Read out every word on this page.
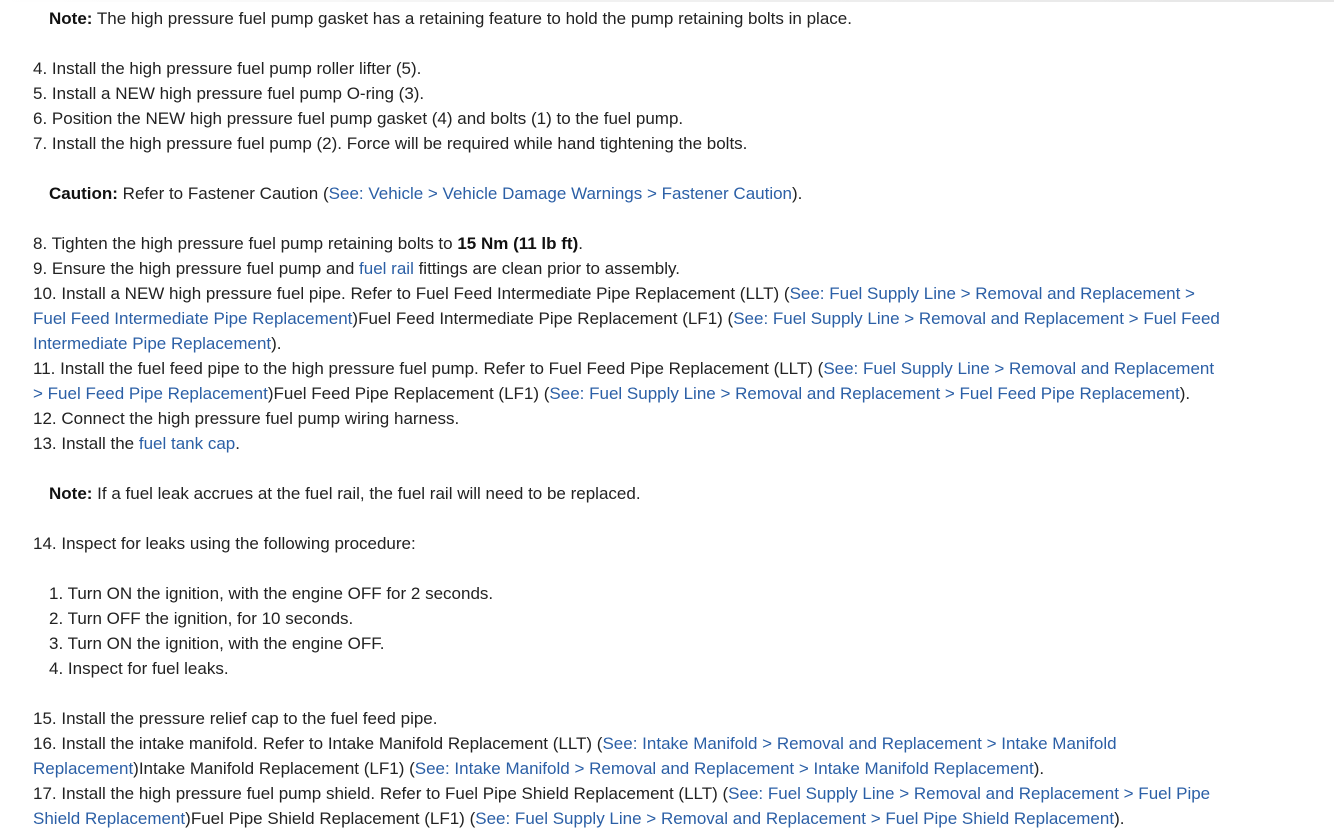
Note: The high pressure fuel pump gasket has a retaining feature to hold the pump retaining bolts in place.
4. Install the high pressure fuel pump roller lifter (5).
5. Install a NEW high pressure fuel pump O-ring (3).
6. Position the NEW high pressure fuel pump gasket (4) and bolts (1) to the fuel pump.
7. Install the high pressure fuel pump (2). Force will be required while hand tightening the bolts.
Caution: Refer to Fastener Caution (See: Vehicle > Vehicle Damage Warnings > Fastener Caution).
8. Tighten the high pressure fuel pump retaining bolts to 15 Nm (11 lb ft).
9. Ensure the high pressure fuel pump and fuel rail fittings are clean prior to assembly.
10. Install a NEW high pressure fuel pipe. Refer to Fuel Feed Intermediate Pipe Replacement (LLT) (See: Fuel Supply Line > Removal and Replacement >
Fuel Feed Intermediate Pipe Replacement)Fuel Feed Intermediate Pipe Replacement (LF1) (See: Fuel Supply Line > Removal and Replacement > Fuel Feed
Intermediate Pipe Replacement).
11. Install the fuel feed pipe to the high pressure fuel pump. Refer to Fuel Feed Pipe Replacement (LLT) (See: Fuel Supply Line > Removal and Replacement
> Fuel Feed Pipe Replacement)Fuel Feed Pipe Replacement (LF1) (See: Fuel Supply Line > Removal and Replacement > Fuel Feed Pipe Replacement).
12. Connect the high pressure fuel pump wiring harness.
13. Install the fuel tank cap.
Note: If a fuel leak accrues at the fuel rail, the fuel rail will need to be replaced.
14. Inspect for leaks using the following procedure:
1. Turn ON the ignition, with the engine OFF for 2 seconds.
2. Turn OFF the ignition, for 10 seconds.
3. Turn ON the ignition, with the engine OFF.
4. Inspect for fuel leaks.
15. Install the pressure relief cap to the fuel feed pipe.
16. Install the intake manifold. Refer to Intake Manifold Replacement (LLT) (See: Intake Manifold > Removal and Replacement > Intake Manifold
Replacement)Intake Manifold Replacement (LF1) (See: Intake Manifold > Removal and Replacement > Intake Manifold Replacement).
17. Install the high pressure fuel pump shield. Refer to Fuel Pipe Shield Replacement (LLT) (See: Fuel Supply Line > Removal and Replacement > Fuel Pipe
Shield Replacement)Fuel Pipe Shield Replacement (LF1) (See: Fuel Supply Line > Removal and Replacement > Fuel Pipe Shield Replacement).
